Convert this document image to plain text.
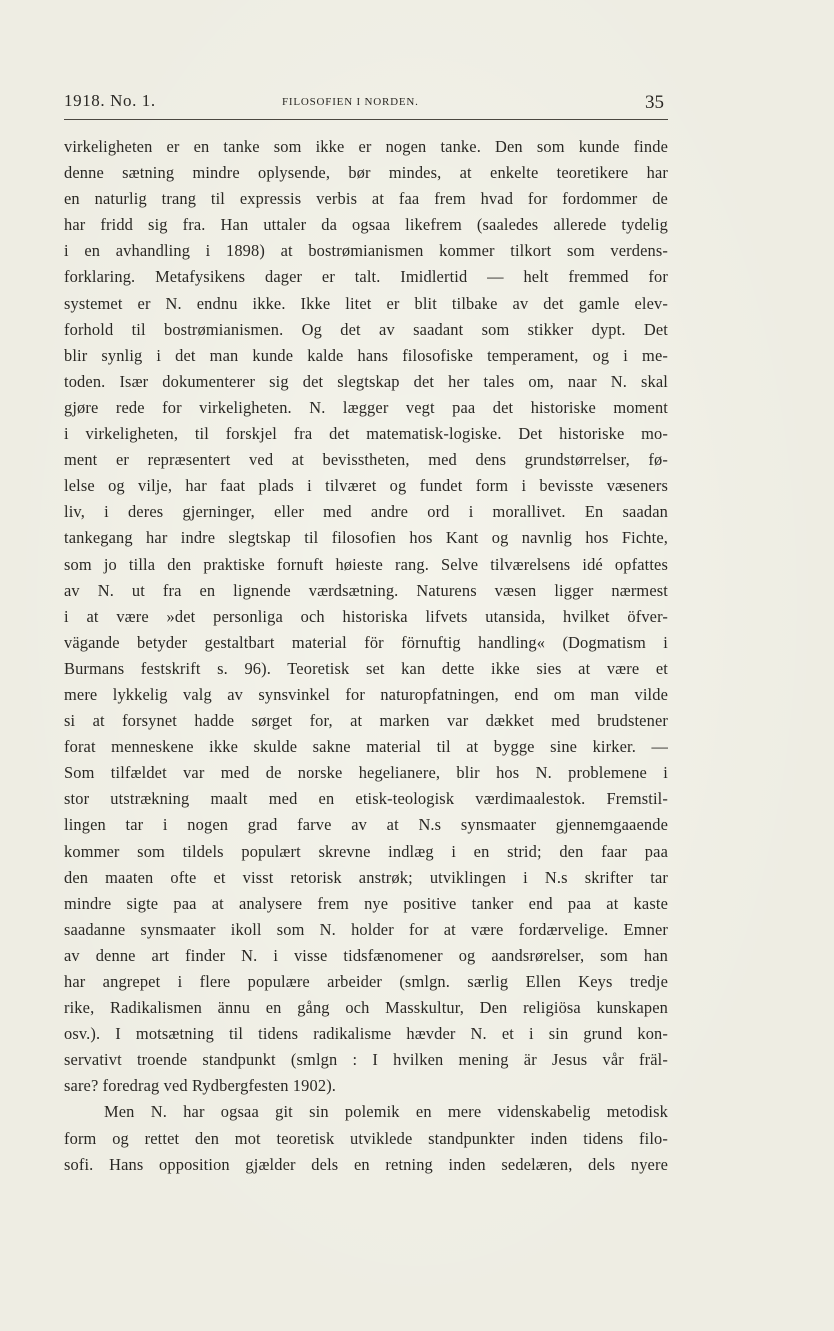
1918. No. 1.	FILOSOFIEN I NORDEN.	35
virkeligheten er en tanke som ikke er nogen tanke. Den som kunde finde
denne sætning mindre oplysende, bør mindes, at enkelte teoretikere har
en naturlig trang til expressis verbis at faa frem hvad for fordommer de
har fridd sig fra. Han uttaler da ogsaa likefrem (saaledes allerede tydelig
i en avhandling i 1898) at bostrømianismen kommer tilkort som verdens-
forklaring. Metafysikens dager er talt. Imidlertid — helt fremmed for
systemet er N. endnu ikke. Ikke litet er blit tilbake av det gamle elev-
forhold til bostrømianismen. Og det av saadant som stikker dypt. Det
blir synlig i det man kunde kalde hans filosofiske temperament, og i me-
toden. Især dokumenterer sig det slegtskap det her tales om, naar N. skal
gjøre rede for virkeligheten. N. lægger vegt paa det historiske moment
i virkeligheten, til forskjel fra det matematisk-logiske. Det historiske mo-
ment er repræsentert ved at bevisstheten, med dens grundstørrelser, fø-
lelse og vilje, har faat plads i tilværet og fundet form i bevisste væseners
liv, i deres gjerninger, eller med andre ord i morallivet. En saadan
tankegang har indre slegtskap til filosofien hos Kant og navnlig hos Fichte,
som jo tilla den praktiske fornuft høieste rang. Selve tilværelsens idé opfattes
av N. ut fra en lignende værdsætning. Naturens væsen ligger nærmest
i at være »det personliga och historiska lifvets utansida, hvilket öfver-
vägande betyder gestaltbart material för förnuftig handling« (Dogmatism i
Burmans festskrift s. 96). Teoretisk set kan dette ikke sies at være et
mere lykkelig valg av synsvinkel for naturopfatningen, end om man vilde
si at forsynet hadde sørget for, at marken var dækket med brudstener
forat menneskene ikke skulde sakne material til at bygge sine kirker. —
Som tilfældet var med de norske hegelianere, blir hos N. problemene i
stor utstrækning maalt med en etisk-teologisk værdimaalestok. Fremstil-
lingen tar i nogen grad farve av at N.s synsmaater gjennemgaaende
kommer som tildels populært skrevne indlæg i en strid; den faar paa
den maaten ofte et visst retorisk anstrøk; utviklingen i N.s skrifter tar
mindre sigte paa at analysere frem nye positive tanker end paa at kaste
saadanne synsmaater ikoll som N. holder for at være fordærvelige. Emner
av denne art finder N. i visse tidsfænomener og aandsrørelser, som han
har angrepet i flere populære arbeider (smlgn. særlig Ellen Keys tredje
rike, Radikalismen ännu en gång och Masskultur, Den religiösa kunskapen
osv.). I motsætning til tidens radikalisme hævder N. et i sin grund kon-
servativt troende standpunkt (smlgn : I hvilken mening är Jesus vår fräl-
sare? foredrag ved Rydbergfesten 1902).
Men N. har ogsaa git sin polemik en mere videnskabelig metodisk
form og rettet den mot teoretisk utviklede standpunkter inden tidens filo-
sofi. Hans opposition gjælder dels en retning inden sedelæren, dels nyere
